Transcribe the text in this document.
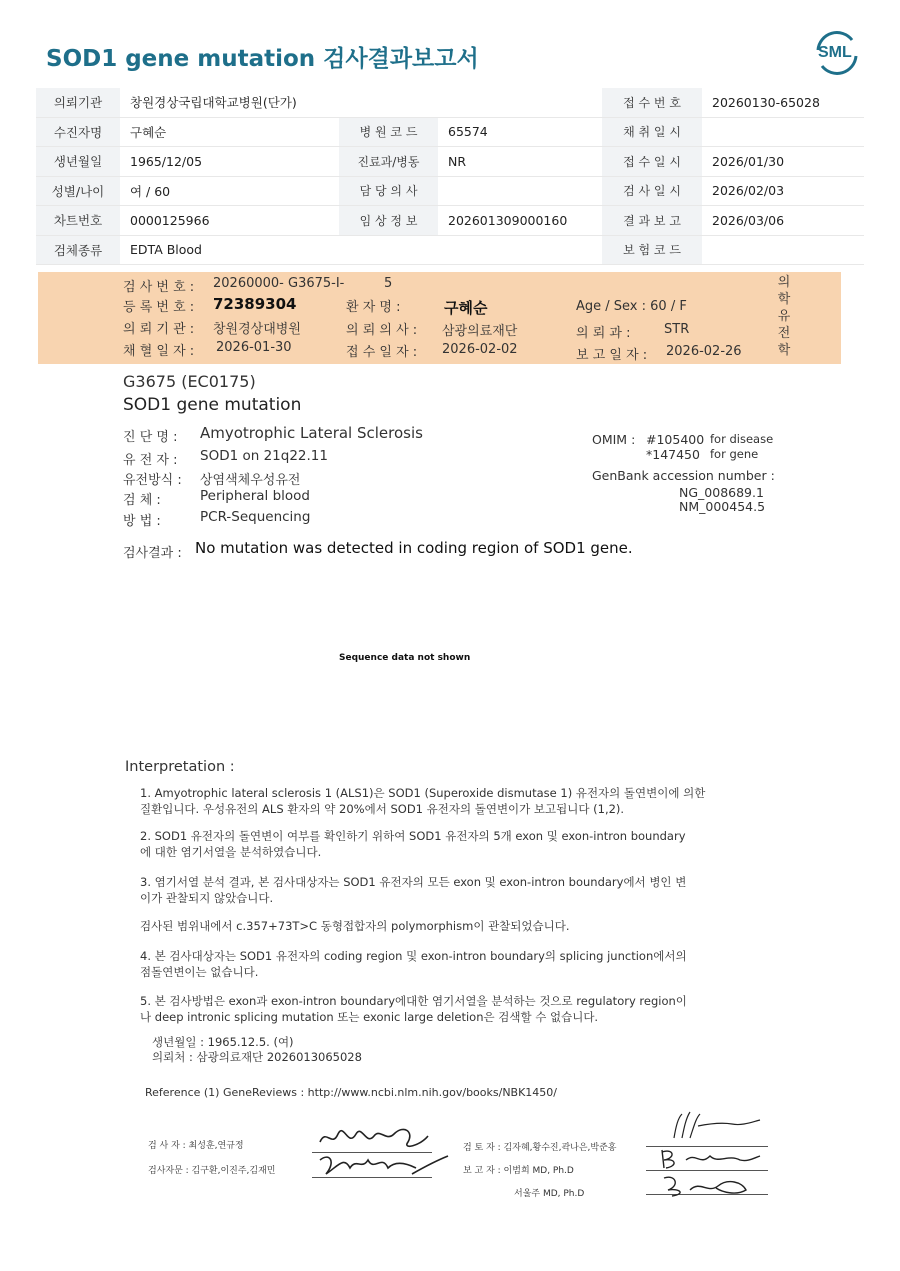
SOD1 gene mutation 검사결과보고서	SML
의뢰기관	창원경상국립대학교병원(단가)			접 수 번 호	20260130-65028
수진자명	구혜순	병 원 코 드	65574	채 취 일 시	
생년월일	1965/12/05	진료과/병동	NR	접 수 일 시	2026/01/30
성별/나이	여 / 60	담 당 의 사		검 사 일 시	2026/02/03
차트번호	0000125966	임 상 정 보	202601309000160	결 과 보 고	2026/03/06
검체종류	EDTA Blood			보 험 코 드	
검 사 번 호 : 20260000- G3675-I-	5
등 록 번 호 : 72389304	환 자 명 :	구혜순	Age / Sex : 60 / F
의 뢰 기 관 : 창원경상대병원	의 뢰 의 사 : 삼광의료재단	의 뢰 과 :	STR
채 혈 일 자 : 2026-01-30	접 수 일 자 : 2026-02-02	보 고 일 자 : 2026-02-26
의
학
유
전
학
G3675 (EC0175)
SOD1 gene mutation
진 단 명 : Amyotrophic Lateral Sclerosis
유 전 자 : SOD1 on 21q22.11
유전방식 : 상염색체우성유전
검 체 :	Peripheral blood
방 법 :	PCR-Sequencing
OMIM : #105400 for disease
*147450 for gene
GenBank accession number :
NG_008689.1
NM_000454.5
검사결과 : No mutation was detected in coding region of SOD1 gene.
Sequence data not shown
Interpretation :
1. Amyotrophic lateral sclerosis 1 (ALS1)은 SOD1 (Superoxide dismutase 1) 유전자의 돌연변이에 의한
질환입니다. 우성유전의 ALS 환자의 약 20%에서 SOD1 유전자의 돌연변이가 보고됩니다 (1,2).
2. SOD1 유전자의 돌연변이 여부를 확인하기 위하여 SOD1 유전자의 5개 exon 및 exon-intron boundary
에 대한 염기서열을 분석하였습니다.
3. 염기서열 분석 결과, 본 검사대상자는 SOD1 유전자의 모든 exon 및 exon-intron boundary에서 병인 변
이가 관찰되지 않았습니다.
검사된 범위내에서 c.357+73T>C 동형접합자의 polymorphism이 관찰되었습니다.
4. 본 검사대상자는 SOD1 유전자의 coding region 및 exon-intron boundary의 splicing junction에서의
점돌연변이는 없습니다.
5. 본 검사방법은 exon과 exon-intron boundary에대한 염기서열을 분석하는 것으로 regulatory region이
나 deep intronic splicing mutation 또는 exonic large deletion은 검색할 수 없습니다.
생년월일 : 1965.12.5. (여)
의뢰처 : 삼광의료재단 2026013065028
Reference (1) GeneReviews : http://www.ncbi.nlm.nih.gov/books/NBK1450/
검 사 자 : 최성훈,연규정
검사자문 : 김구환,이진주,김재민
검 토 자 : 김자혜,황수진,곽나은,박준홍
보 고 자 : 이범희 MD, Ph.D
서울주 MD, Ph.D
